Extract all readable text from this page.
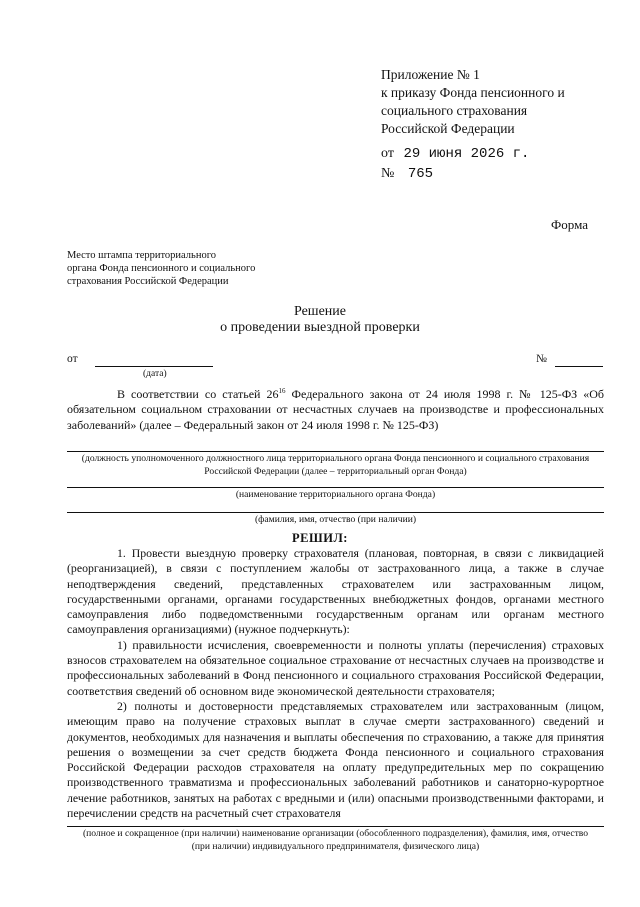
Приложение № 1
к приказу Фонда пенсионного и
социального страхования
Российской Федерации
от 29 июня 2026 г.
№ 765
Форма
Место штампа территориального
органа Фонда пенсионного и социального
страхования Российской Федерации
Решение
о проведении выездной проверки
от
(дата)
№
В соответствии со статьей $26^{16}$ Федерального закона от 24 июля 1998 г. № 125-ФЗ «Об обязательном социальном страховании от несчастных случаев на производстве и профессиональных заболеваний» (далее – Федеральный закон от 24 июля 1998 г. № 125-ФЗ)
(должность уполномоченного должностного лица территориального органа Фонда пенсионного и социального страхования Российской Федерации (далее – территориальный орган Фонда)
(наименование территориального органа Фонда)
(фамилия, имя, отчество (при наличии)
РЕШИЛ:

1. Провести выездную проверку страхователя (плановая, повторная, в связи с ликвидацией (реорганизацией), в связи с поступлением жалобы от застрахованного лица, а также в случае неподтверждения сведений, представленных страхователем или застрахованным лицом, государственными органами, органами государственных внебюджетных фондов, органами местного самоуправления либо подведомственными государственным органам или органам местного самоуправления организациями) (нужное подчеркнуть):

1) правильности исчисления, своевременности и полноты уплаты (перечисления) страховых взносов страхователем на обязательное социальное страхование от несчастных случаев на производстве и профессиональных заболеваний в Фонд пенсионного и социального страхования Российской Федерации, соответствия сведений об основном виде экономической деятельности страхователя;

2) полноты и достоверности представляемых страхователем или застрахованным (лицом, имеющим право на получение страховых выплат в случае смерти застрахованного) сведений и документов, необходимых для назначения и выплаты обеспечения по страхованию, а также для принятия решения о возмещении за счет средств бюджета Фонда пенсионного и социального страхования Российской Федерации расходов страхователя на оплату предупредительных мер по сокращению производственного травматизма и профессиональных заболеваний работников и санаторно-курортное лечение работников, занятых на работах с вредными и (или) опасными производственными факторами, и перечислении средств на расчетный счет страхователя

(полное и сокращенное (при наличии) наименование организации (обособленного подразделения), фамилия, имя, отчество
(при наличии) индивидуального предпринимателя, физического лица)
